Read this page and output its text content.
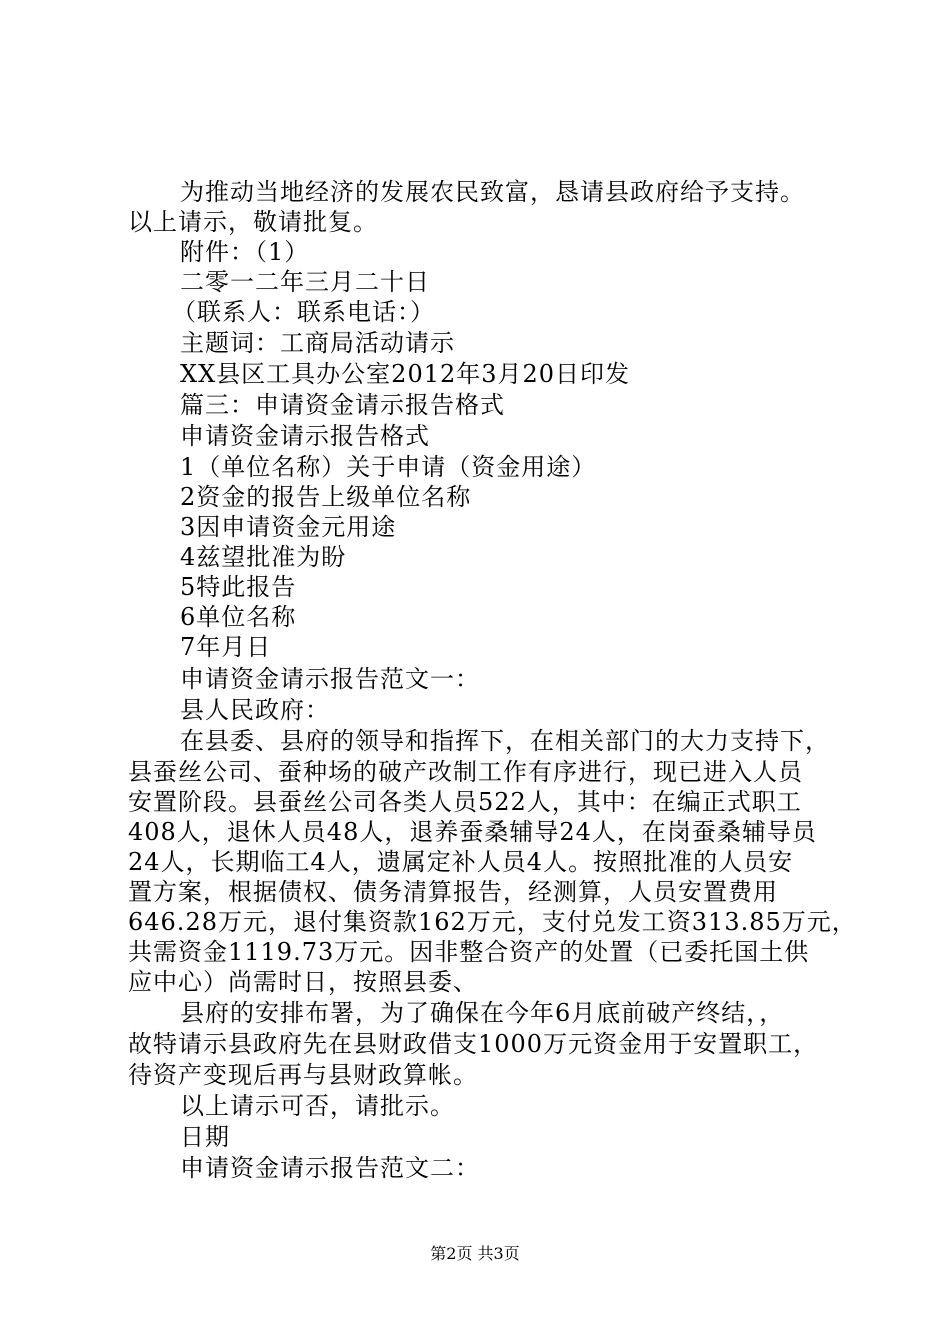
为推动当地经济的发展农民致富，恳请县政府给予支持。
以上请示，敬请批复。
附件：（1）
二零一二年三月二十日
（联系人：联系电话：）
主题词：工商局活动请示
XX县区工具办公室2012年3月20日印发
篇三：申请资金请示报告格式
申请资金请示报告格式
1（单位名称）关于申请（资金用途）
2资金的报告上级单位名称
3因申请资金元用途
4兹望批准为盼
5特此报告
6单位名称
7年月日
申请资金请示报告范文一：
县人民政府：
在县委、县府的领导和指挥下，在相关部门的大力支持下，
县蚕丝公司、蚕种场的破产改制工作有序进行，现已进入人员
安置阶段。县蚕丝公司各类人员522人，其中：在编正式职工
408人，退休人员48人，退养蚕桑辅导24人，在岗蚕桑辅导员
24人，长期临工4人，遗属定补人员4人。按照批准的人员安
置方案，根据债权、债务清算报告，经测算，人员安置费用
646.28万元，退付集资款162万元，支付兑发工资313.85万元，
共需资金1119.73万元。因非整合资产的处置（已委托国土供
应中心）尚需时日，按照县委、
县府的安排布署，为了确保在今年6月底前破产终结，，
故特请示县政府先在县财政借支1000万元资金用于安置职工，
待资产变现后再与县财政算帐。
以上请示可否，请批示。
日期
申请资金请示报告范文二：
第2页 共3页
